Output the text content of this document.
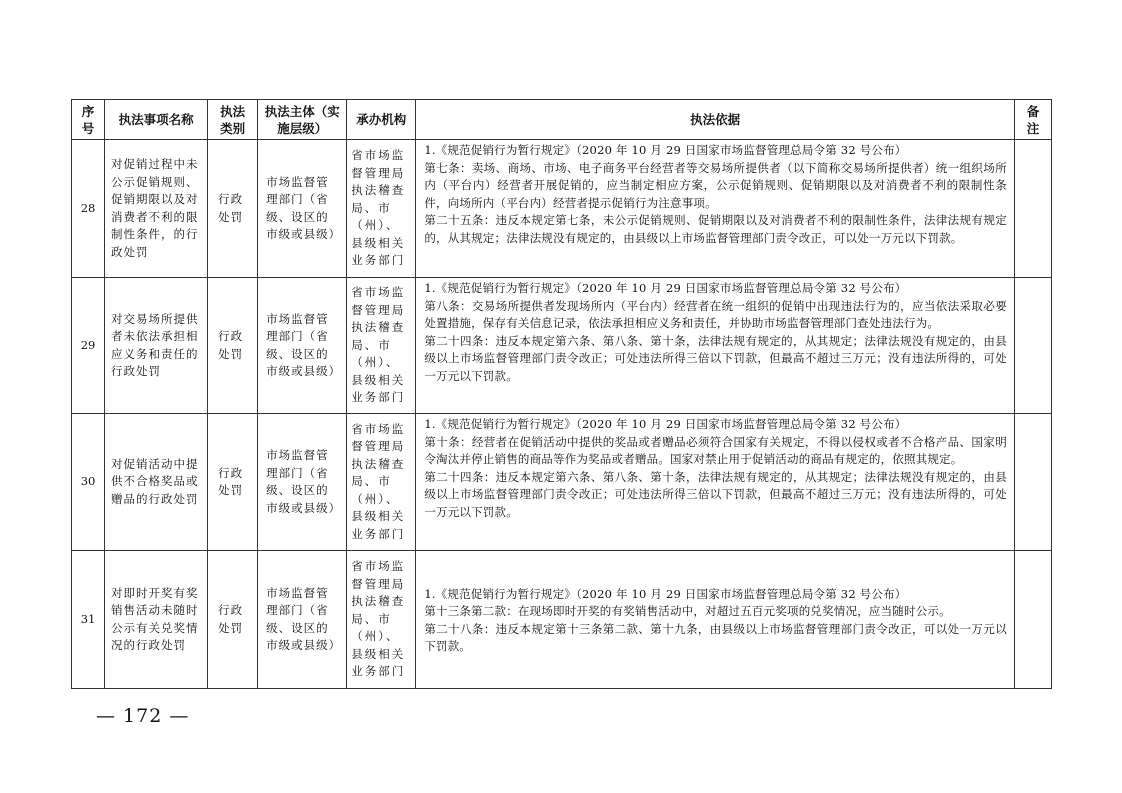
序号	执法事项名称	执法类别	执法主体（实施层级）	承办机构	执法依据	备注
28	对促销过程中未公示促销规则、促销期限以及对消费者不利的限制性条件，的行政处罚	行政处罚	市场监督管理部门（省级、设区的市级或县级）	省市场监督管理局执法稽查局、市（州）、县级相关业务部门	1.《规范促销行为暂行规定》（2020 年 10 月 29 日国家市场监督管理总局令第 32 号公布）

第七条：卖场、商场、市场、电子商务平台经营者等交易场所提供者（以下简称交易场所提供者）统一组织场所内（平台内）经营者开展促销的，应当制定相应方案，公示促销规则、促销期限以及对消费者不利的限制性条件，向场所内（平台内）经营者提示促销行为注意事项。

第二十五条：违反本规定第七条，未公示促销规则、促销期限以及对消费者不利的限制性条件，法律法规有规定的，从其规定；法律法规没有规定的，由县级以上市场监督管理部门责令改正，可以处一万元以下罚款。	

29	对交易场所提供者未依法承担相应义务和责任的行政处罚	行政处罚	市场监督管理部门（省级、设区的市级或县级）	省市场监督管理局执法稽查局、市（州）、县级相关业务部门	1.《规范促销行为暂行规定》（2020 年 10 月 29 日国家市场监督管理总局令第 32 号公布）

第八条：交易场所提供者发现场所内（平台内）经营者在统一组织的促销中出现违法行为的，应当依法采取必要处置措施，保存有关信息记录，依法承担相应义务和责任，并协助市场监督管理部门查处违法行为。

第二十四条：违反本规定第六条、第八条、第十条，法律法规有规定的，从其规定；法律法规没有规定的，由县级以上市场监督管理部门责令改正；可处违法所得三倍以下罚款，但最高不超过三万元；没有违法所得的，可处一万元以下罚款。	

30	对促销活动中提供不合格奖品或赠品的行政处罚	行政处罚	市场监督管理部门（省级、设区的市级或县级）	省市场监督管理局执法稽查局、市（州）、县级相关业务部门	1.《规范促销行为暂行规定》（2020 年 10 月 29 日国家市场监督管理总局令第 32 号公布）

第十条：经营者在促销活动中提供的奖品或者赠品必须符合国家有关规定，不得以侵权或者不合格产品、国家明令淘汰并停止销售的商品等作为奖品或者赠品。国家对禁止用于促销活动的商品有规定的，依照其规定。

第二十四条：违反本规定第六条、第八条、第十条，法律法规有规定的，从其规定；法律法规没有规定的，由县级以上市场监督管理部门责令改正；可处违法所得三倍以下罚款，但最高不超过三万元；没有违法所得的，可处一万元以下罚款。	

31	对即时开奖有奖销售活动未随时公示有关兑奖情况的行政处罚	行政处罚	市场监督管理部门（省级、设区的市级或县级）	省市场监督管理局执法稽查局、市（州）、县级相关业务部门	1.《规范促销行为暂行规定》（2020 年 10 月 29 日国家市场监督管理总局令第 32 号公布）

第十三条第二款：在现场即时开奖的有奖销售活动中，对超过五百元奖项的兑奖情况，应当随时公示。

第二十八条：违反本规定第十三条第二款、第十九条，由县级以上市场监督管理部门责令改正，可以处一万元以下罚款。	

— 172 —
